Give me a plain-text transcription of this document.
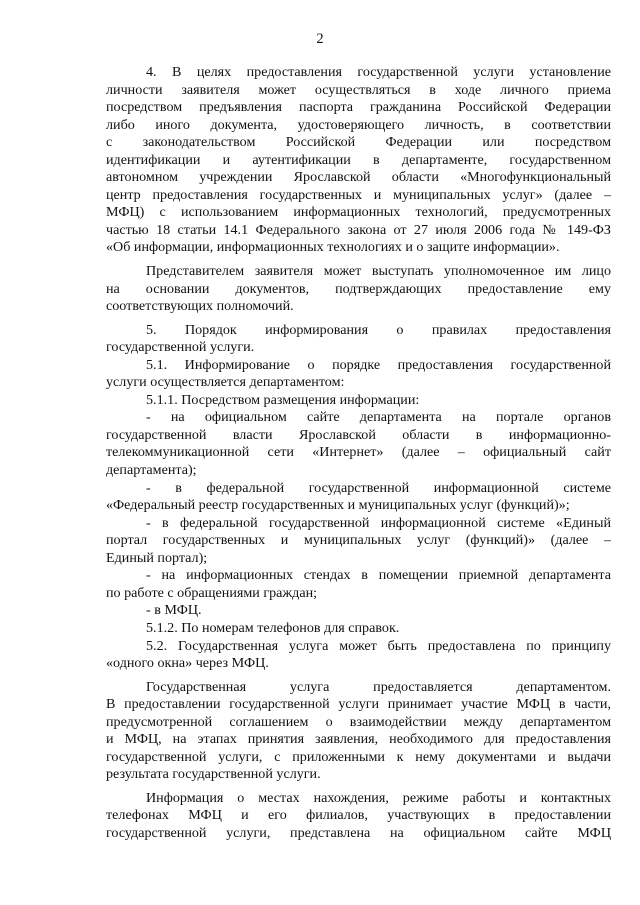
2
4. В целях предоставления государственной услуги установление
личности заявителя может осуществляться в ходе личного приема
посредством предъявления паспорта гражданина Российской Федерации
либо иного документа, удостоверяющего личность, в соответствии
с законодательством Российской Федерации или посредством
идентификации и аутентификации в департаменте, государственном
автономном учреждении Ярославской области «Многофункциональный
центр предоставления государственных и муниципальных услуг» (далее –
МФЦ) с использованием информационных технологий, предусмотренных
частью 18 статьи 14.1 Федерального закона от 27 июля 2006 года № 149-ФЗ
«Об информации, информационных технологиях и о защите информации».
Представителем заявителя может выступать уполномоченное им лицо
на основании документов, подтверждающих предоставление ему
соответствующих полномочий.
5. Порядок информирования о правилах предоставления
государственной услуги.
5.1. Информирование о порядке предоставления государственной
услуги осуществляется департаментом:
5.1.1. Посредством размещения информации:
- на официальном сайте департамента на портале органов
государственной власти Ярославской области в информационно-
телекоммуникационной сети «Интернет» (далее – официальный сайт
департамента);
- в федеральной государственной информационной системе
«Федеральный реестр государственных и муниципальных услуг (функций)»;
- в федеральной государственной информационной системе «Единый
портал государственных и муниципальных услуг (функций)» (далее –
Единый портал);
- на информационных стендах в помещении приемной департамента
по работе с обращениями граждан;
- в МФЦ.
5.1.2. По номерам телефонов для справок.
5.2. Государственная услуга может быть предоставлена по принципу
«одного окна» через МФЦ.
Государственная услуга предоставляется департаментом.
В предоставлении государственной услуги принимает участие МФЦ в части,
предусмотренной соглашением о взаимодействии между департаментом
и МФЦ, на этапах принятия заявления, необходимого для предоставления
государственной услуги, с приложенными к нему документами и выдачи
результата государственной услуги.
Информация о местах нахождения, режиме работы и контактных
телефонах МФЦ и его филиалов, участвующих в предоставлении
государственной услуги, представлена на официальном сайте МФЦ
